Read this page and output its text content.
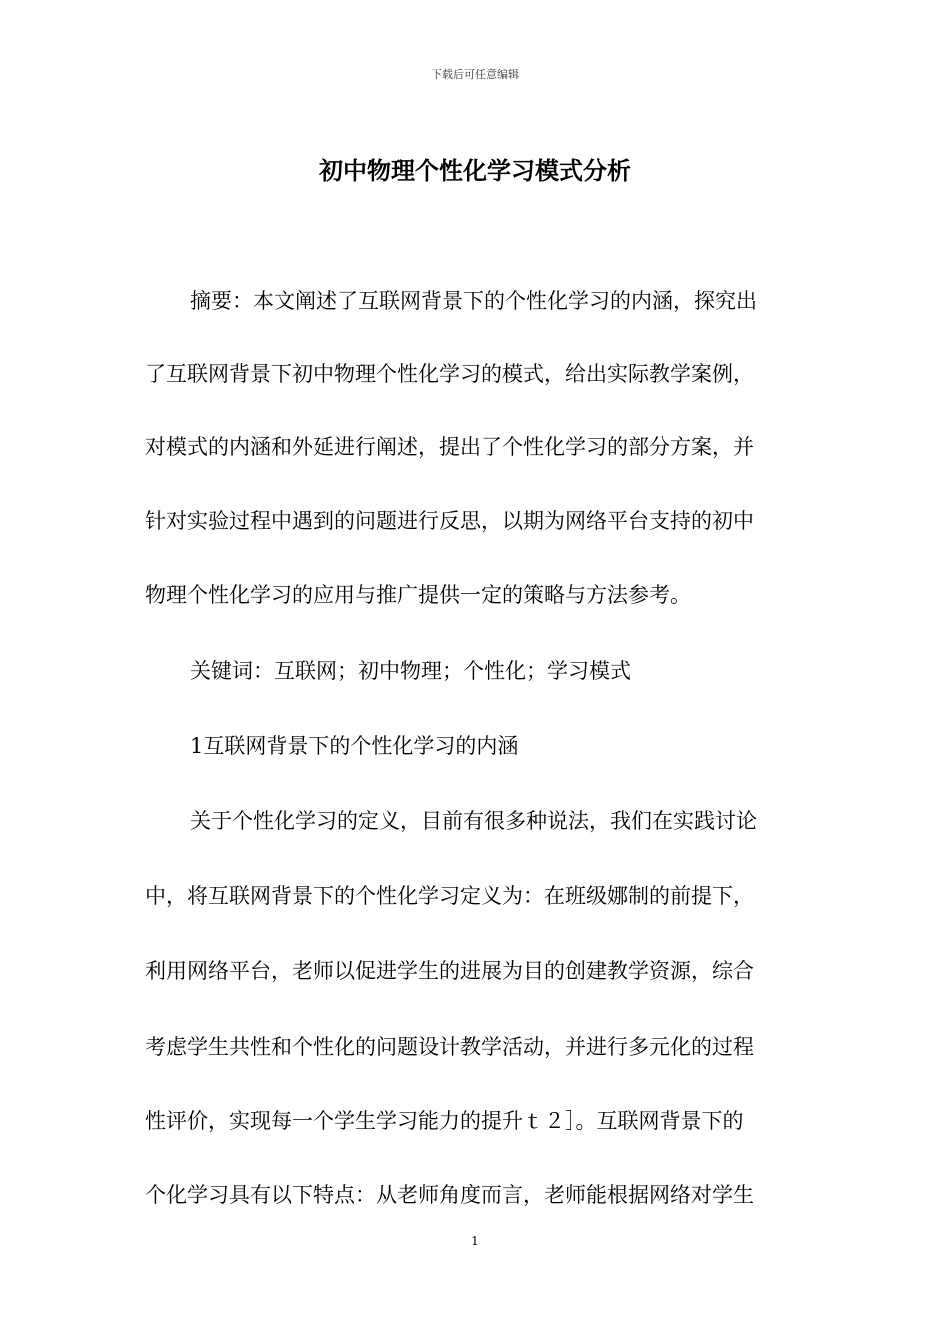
下载后可任意编辑
初中物理个性化学习模式分析
摘要：本文阐述了互联网背景下的个性化学习的内涵，探究出
了互联网背景下初中物理个性化学习的模式，给出实际教学案例，
对模式的内涵和外延进行阐述，提出了个性化学习的部分方案，并
针对实验过程中遇到的问题进行反思，以期为网络平台支持的初中
物理个性化学习的应用与推广提供一定的策略与方法参考。
关键词：互联网；初中物理；个性化；学习模式
1互联网背景下的个性化学习的内涵
关于个性化学习的定义，目前有很多种说法，我们在实践讨论
中，将互联网背景下的个性化学习定义为：在班级娜制的前提下，
利用网络平台，老师以促进学生的进展为目的创建教学资源，综合
考虑学生共性和个性化的问题设计教学活动，并进行多元化的过程
性评价，实现每一个学生学习能力的提升ｔ２］。互联网背景下的
个化学习具有以下特点：从老师角度而言，老师能根据网络对学生
1
